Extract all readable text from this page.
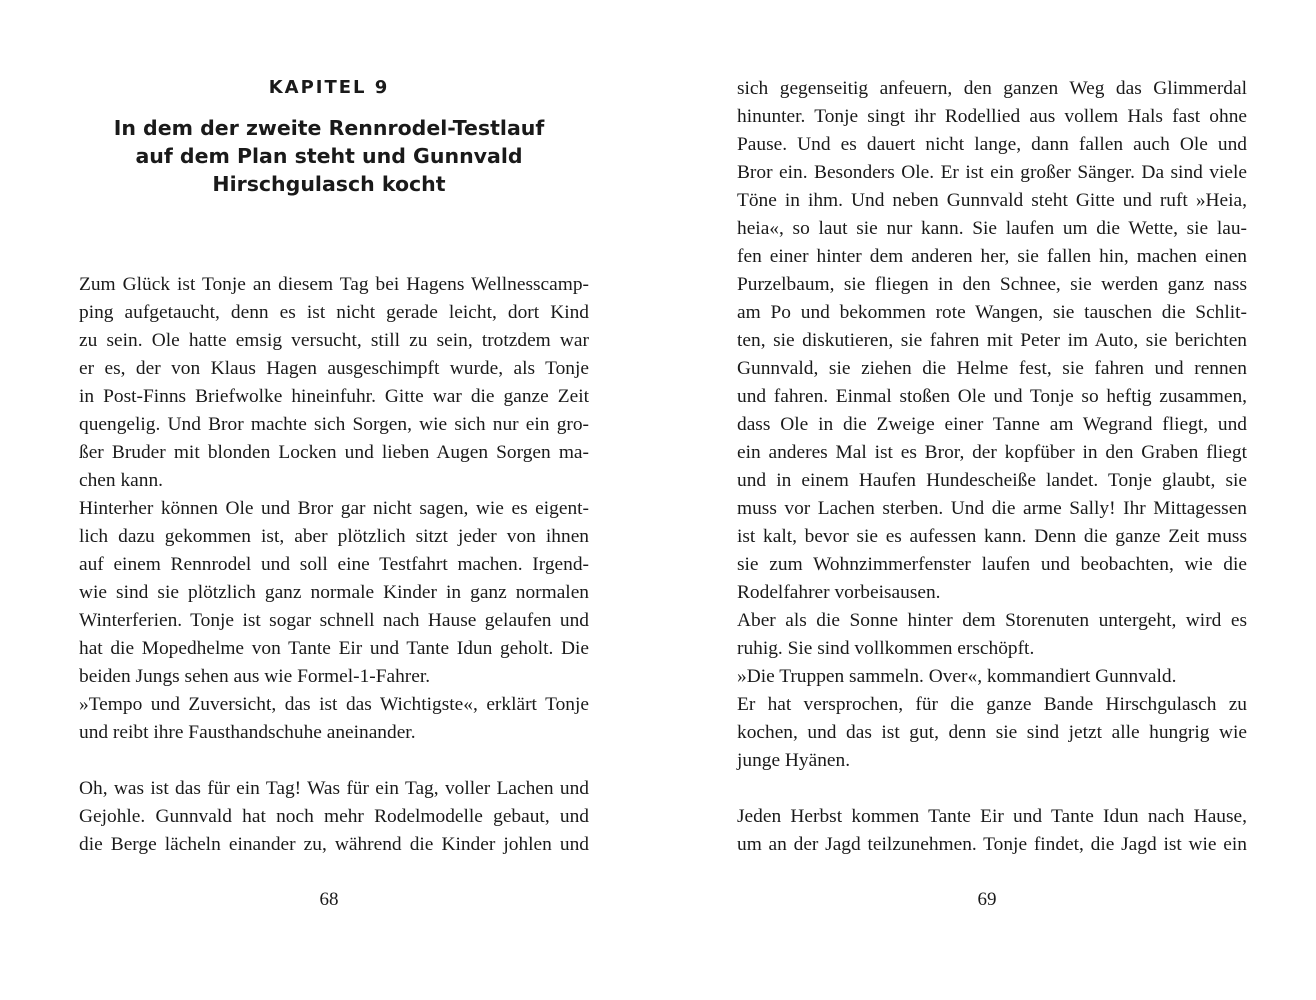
KAPITEL 9
In dem der zweite Rennrodel-Testlauf
auf dem Plan steht und Gunnvald
Hirschgulasch kocht

Zum Glück ist Tonje an diesem Tag bei Hagens Wellnesscamp-
ping aufgetaucht, denn es ist nicht gerade leicht, dort Kind
zu sein. Ole hatte emsig versucht, still zu sein, trotzdem war
er es, der von Klaus Hagen ausgeschimpft wurde, als Tonje
in Post-Finns Briefwolke hineinfuhr. Gitte war die ganze Zeit
quengelig. Und Bror machte sich Sorgen, wie sich nur ein gro-
ßer Bruder mit blonden Locken und lieben Augen Sorgen ma-
chen kann.

Hinterher können Ole und Bror gar nicht sagen, wie es eigent-
lich dazu gekommen ist, aber plötzlich sitzt jeder von ihnen
auf einem Rennrodel und soll eine Testfahrt machen. Irgend-
wie sind sie plötzlich ganz normale Kinder in ganz normalen
Winterferien. Tonje ist sogar schnell nach Hause gelaufen und
hat die Mopedhelme von Tante Eir und Tante Idun geholt. Die
beiden Jungs sehen aus wie Formel-1-Fahrer.

»Tempo und Zuversicht, das ist das Wichtigste«, erklärt Tonje
und reibt ihre Fausthandschuhe aneinander.

Oh, was ist das für ein Tag! Was für ein Tag, voller Lachen und
Gejohle. Gunnvald hat noch mehr Rodelmodelle gebaut, und
die Berge lächeln einander zu, während die Kinder johlen und

68

sich gegenseitig anfeuern, den ganzen Weg das Glimmerdal
hinunter. Tonje singt ihr Rodellied aus vollem Hals fast ohne
Pause. Und es dauert nicht lange, dann fallen auch Ole und
Bror ein. Besonders Ole. Er ist ein großer Sänger. Da sind viele
Töne in ihm. Und neben Gunnvald steht Gitte und ruft »Heia,
heia«, so laut sie nur kann. Sie laufen um die Wette, sie lau-
fen einer hinter dem anderen her, sie fallen hin, machen einen
Purzelbaum, sie fliegen in den Schnee, sie werden ganz nass
am Po und bekommen rote Wangen, sie tauschen die Schlit-
ten, sie diskutieren, sie fahren mit Peter im Auto, sie berichten
Gunnvald, sie ziehen die Helme fest, sie fahren und rennen
und fahren. Einmal stoßen Ole und Tonje so heftig zusammen,
dass Ole in die Zweige einer Tanne am Wegrand fliegt, und
ein anderes Mal ist es Bror, der kopfüber in den Graben fliegt
und in einem Haufen Hundescheiße landet. Tonje glaubt, sie
muss vor Lachen sterben. Und die arme Sally! Ihr Mittagessen
ist kalt, bevor sie es aufessen kann. Denn die ganze Zeit muss
sie zum Wohnzimmerfenster laufen und beobachten, wie die
Rodelfahrer vorbeisausen.

Aber als die Sonne hinter dem Storenuten untergeht, wird es
ruhig. Sie sind vollkommen erschöpft.

»Die Truppen sammeln. Over«, kommandiert Gunnvald.

Er hat versprochen, für die ganze Bande Hirschgulasch zu
kochen, und das ist gut, denn sie sind jetzt alle hungrig wie
junge Hyänen.

Jeden Herbst kommen Tante Eir und Tante Idun nach Hause,
um an der Jagd teilzunehmen. Tonje findet, die Jagd ist wie ein

69
